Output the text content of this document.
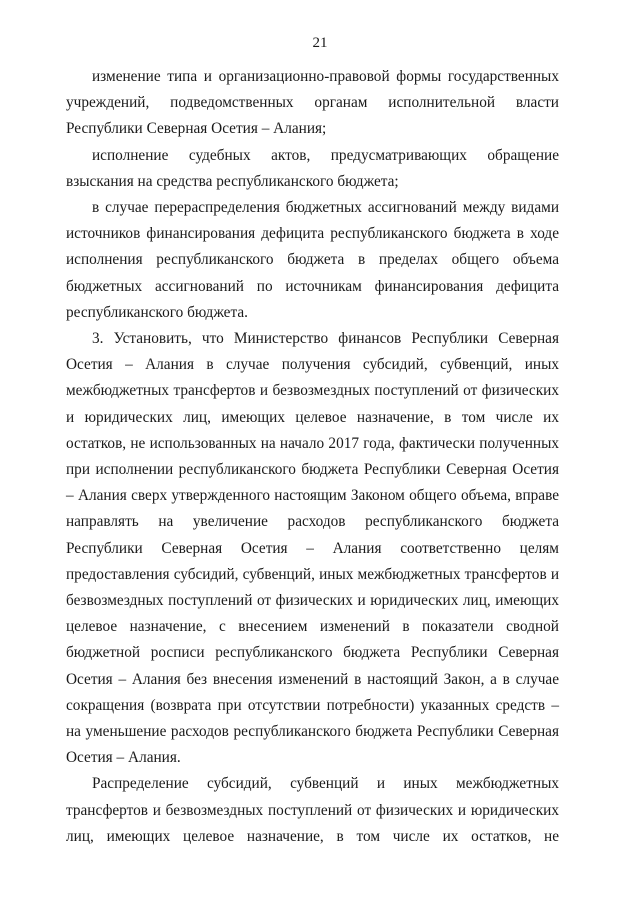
21

изменение типа и организационно-правовой формы государственных учреждений, подведомственных органам исполнительной власти Республики Северная Осетия – Алания;

исполнение судебных актов, предусматривающих обращение взыскания на средства республиканского бюджета;

в случае перераспределения бюджетных ассигнований между видами источников финансирования дефицита республиканского бюджета в ходе исполнения республиканского бюджета в пределах общего объема бюджетных ассигнований по источникам финансирования дефицита республиканского бюджета.

3. Установить, что Министерство финансов Республики Северная Осетия – Алания в случае получения субсидий, субвенций, иных межбюджетных трансфертов и безвозмездных поступлений от физических и юридических лиц, имеющих целевое назначение, в том числе их остатков, не использованных на начало 2017 года, фактически полученных при исполнении республиканского бюджета Республики Северная Осетия – Алания сверх утвержденного настоящим Законом общего объема, вправе направлять на увеличение расходов республиканского бюджета Республики Северная Осетия – Алания соответственно целям предоставления субсидий, субвенций, иных межбюджетных трансфертов и безвозмездных поступлений от физических и юридических лиц, имеющих целевое назначение, с внесением изменений в показатели сводной бюджетной росписи республиканского бюджета Республики Северная Осетия – Алания без внесения изменений в настоящий Закон, а в случае сокращения (возврата при отсутствии потребности) указанных средств – на уменьшение расходов республиканского бюджета Республики Северная Осетия – Алания.

Распределение субсидий, субвенций и иных межбюджетных трансфертов и безвозмездных поступлений от физических и юридических лиц, имеющих целевое назначение, в том числе их остатков, не
